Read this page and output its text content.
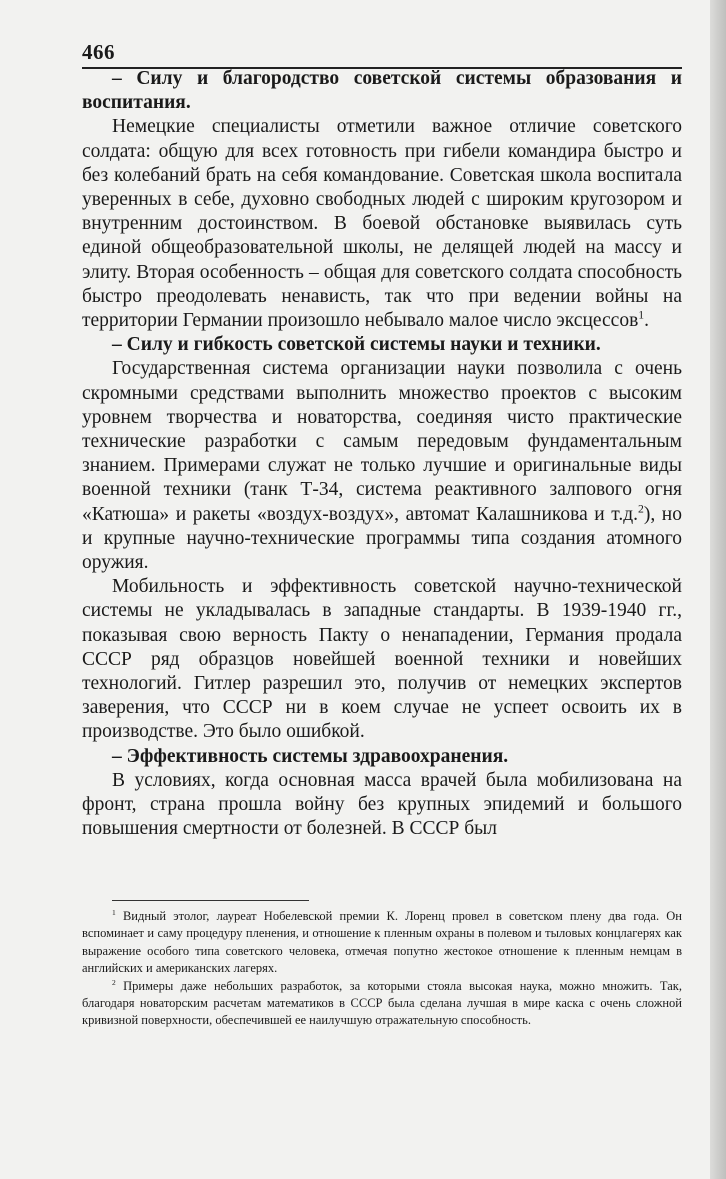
466

– Силу и благородство советской системы образования и воспитания.

Немецкие специалисты отметили важное отличие советского солдата: общую для всех готовность при гибели командира быстро и без колебаний брать на себя командование. Советская школа воспитала уверенных в себе, духовно свободных людей с широким кругозором и внутренним достоинством. В боевой обстановке выявилась суть единой общеобразовательной школы, не делящей людей на массу и элиту. Вторая особенность – общая для советского солдата способность быстро преодолевать ненависть, так что при ведении войны на территории Германии произошло небывало малое число эксцессов$^1$.

– Силу и гибкость советской системы науки и техники.

Государственная система организации науки позволила с очень скромными средствами выполнить множество проектов с высоким уровнем творчества и новаторства, соединяя чисто практические технические разработки с самым передовым фундаментальным знанием. Примерами служат не только лучшие и оригинальные виды военной техники (танк Т-34, система реактивного залпового огня «Катюша» и ракеты «воздух-воздух», автомат Калашникова и т.д.$^2$), но и крупные научно-технические программы типа создания атомного оружия.

Мобильность и эффективность советской научно-технической системы не укладывалась в западные стандарты. В 1939-1940 гг., показывая свою верность Пакту о ненападении, Германия продала СССР ряд образцов новейшей военной техники и новейших технологий. Гитлер разрешил это, получив от немецких экспертов заверения, что СССР ни в коем случае не успеет освоить их в производстве. Это было ошибкой.

– Эффективность системы здравоохранения.

В условиях, когда основная масса врачей была мобилизована на фронт, страна прошла войну без крупных эпидемий и большого повышения смертности от болезней. В СССР был

$^1$ Видный этолог, лауреат Нобелевской премии К. Лоренц провел в советском плену два года. Он вспоминает и саму процедуру пленения, и отношение к пленным охраны в полевом и тыловых концлагерях как выражение особого типа советского человека, отмечая попутно жестокое отношение к пленным немцам в английских и американских лагерях.

$^2$ Примеры даже небольших разработок, за которыми стояла высокая наука, можно множить. Так, благодаря новаторским расчетам математиков в СССР была сделана лучшая в мире каска с очень сложной кривизной поверхности, обеспечившей ее наилучшую отражательную способность.
